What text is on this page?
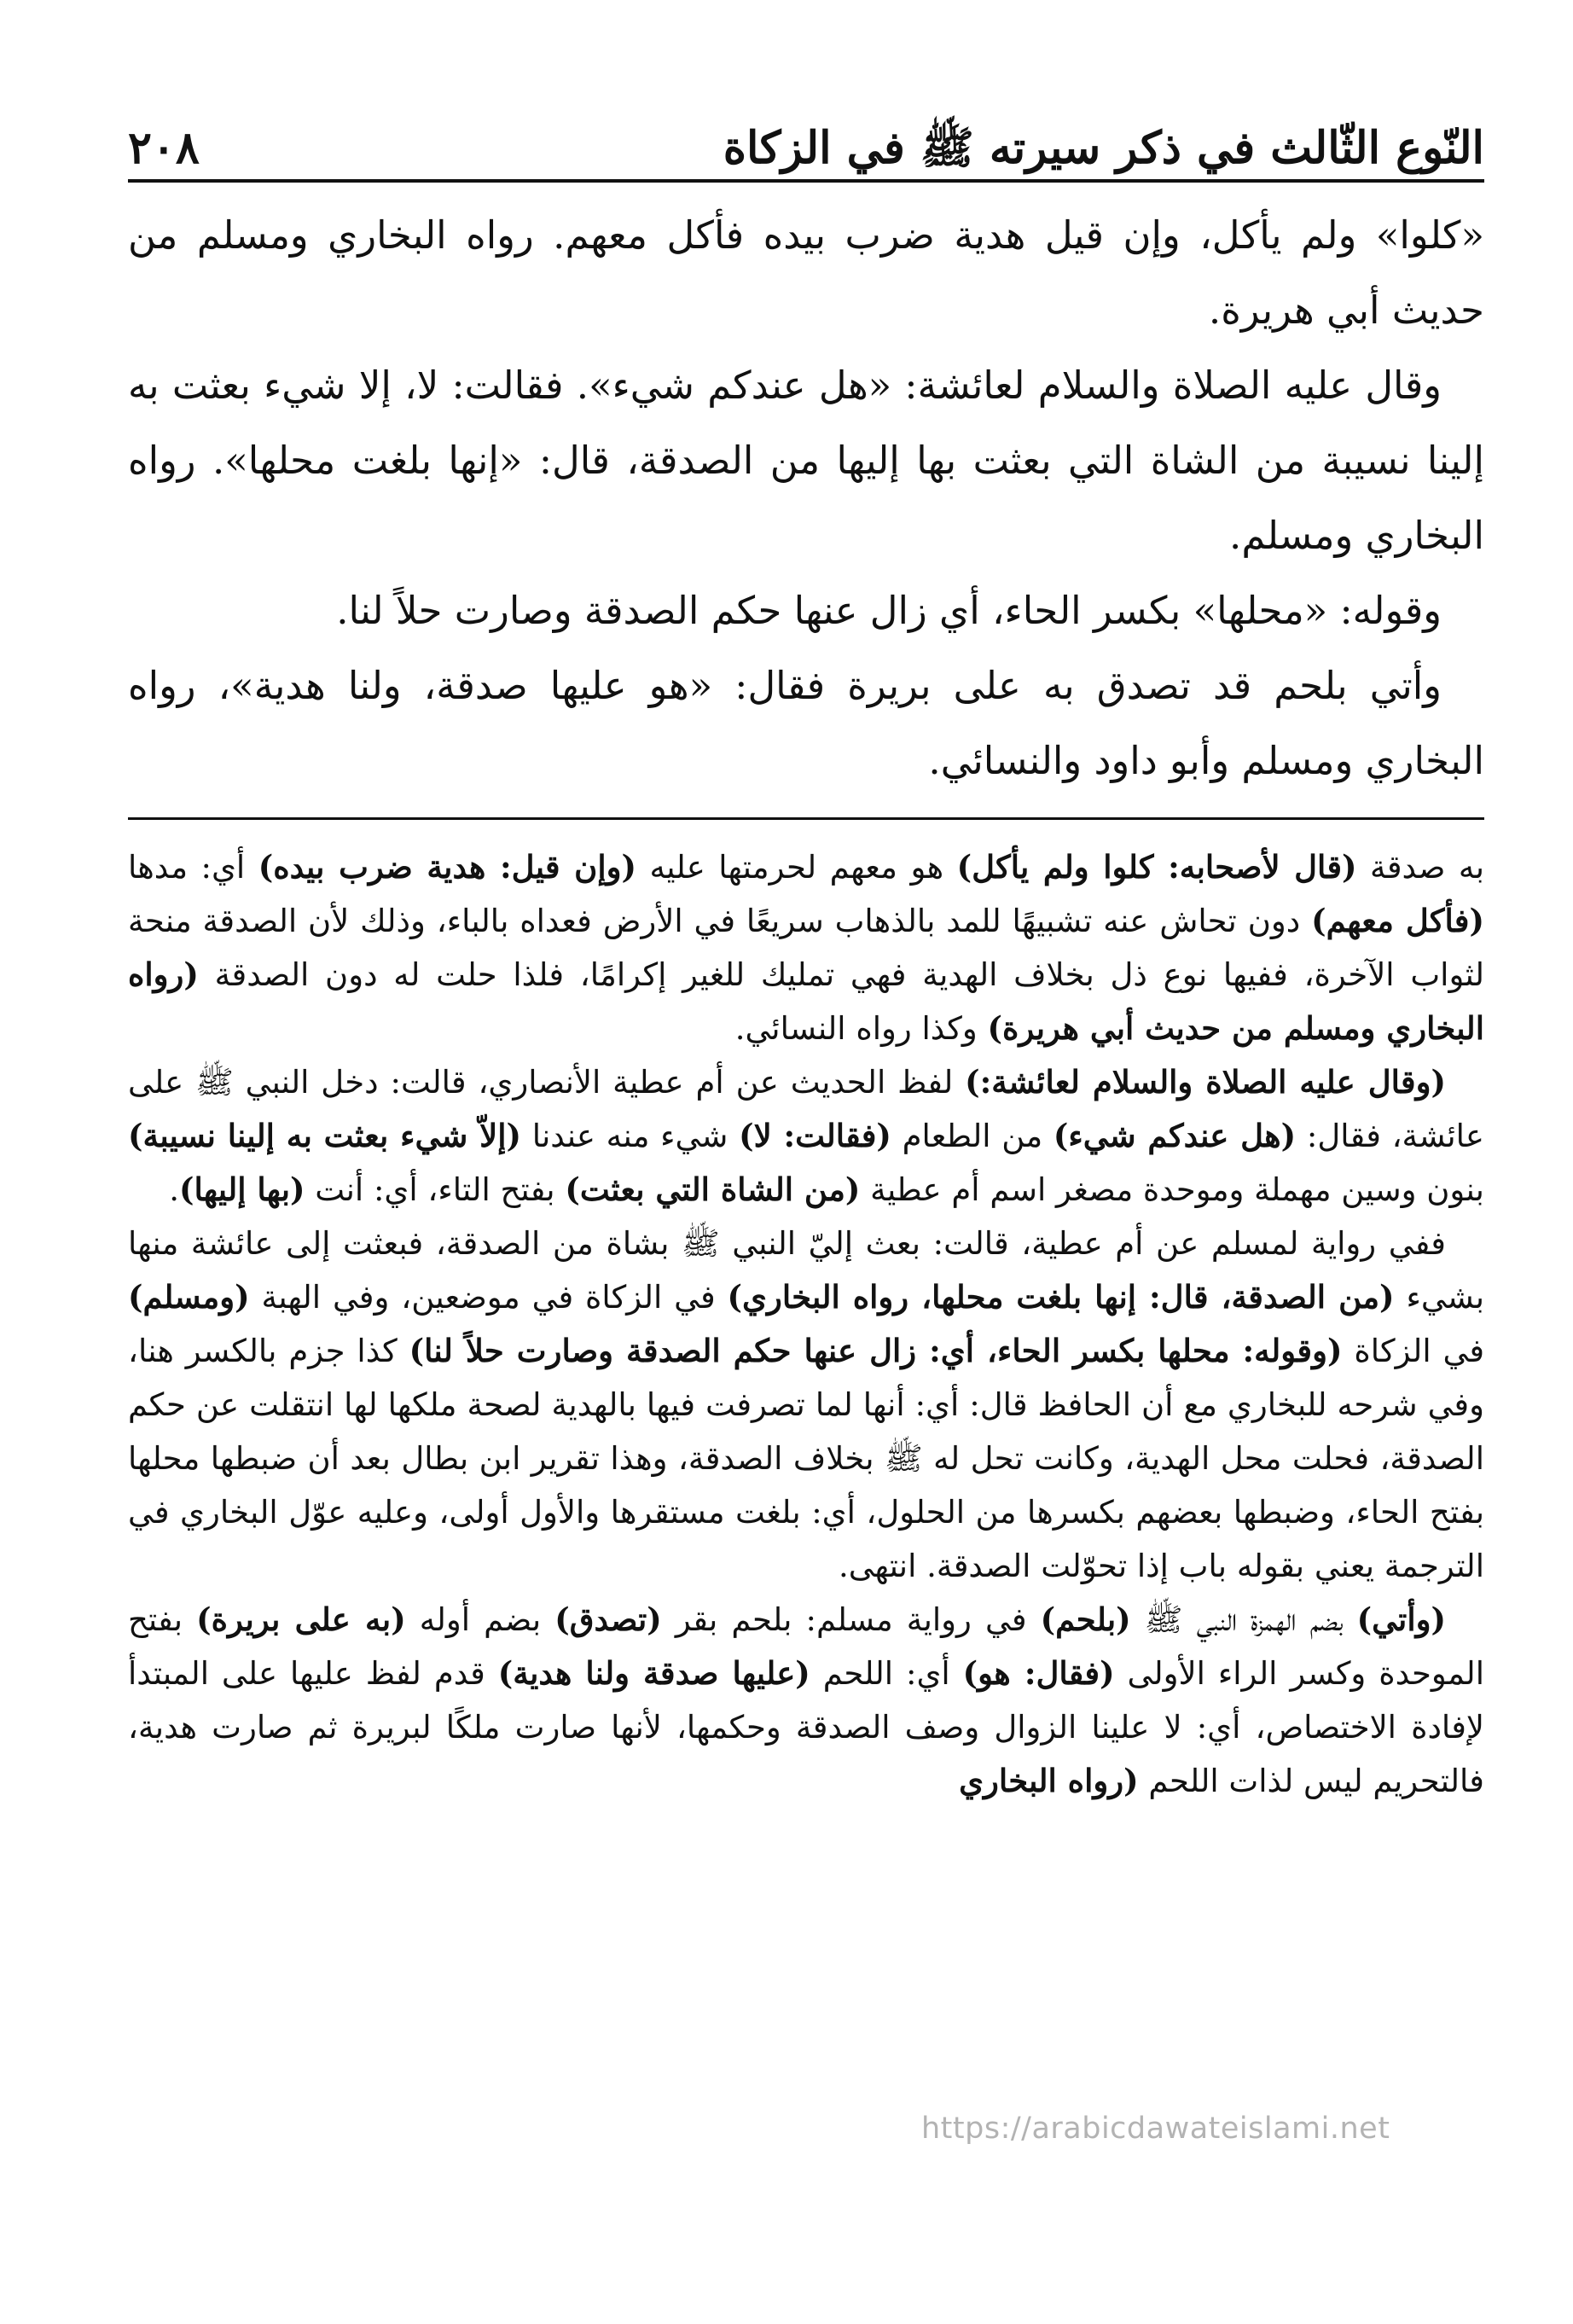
النّوع الثّالث في ذكر سيرته ﷺ في الزكاة
٢٠٨

«كلوا» ولم يأكل، وإن قيل هدية ضرب بيده فأكل معهم. رواه البخاري ومسلم من حديث أبي هريرة.

وقال عليه الصلاة والسلام لعائشة: «هل عندكم شيء». فقالت: لا، إلا شيء بعثت به إلينا نسيبة من الشاة التي بعثت بها إليها من الصدقة، قال: «إنها بلغت محلها». رواه البخاري ومسلم.

وقوله: «محلها» بكسر الحاء، أي زال عنها حكم الصدقة وصارت حلاً لنا.

وأتي بلحم قد تصدق به على بريرة فقال: «هو عليها صدقة، ولنا هدية»، رواه البخاري ومسلم وأبو داود والنسائي.

به صدقة (قال لأصحابه: كلوا ولم يأكل) هو معهم لحرمتها عليه (وإن قيل: هدية ضرب بيده) أي: مدها (فأكل معهم) دون تحاش عنه تشبيهًا للمد بالذهاب سريعًا في الأرض فعداه بالباء، وذلك لأن الصدقة منحة لثواب الآخرة، ففيها نوع ذل بخلاف الهدية فهي تمليك للغير إكرامًا، فلذا حلت له دون الصدقة (رواه البخاري ومسلم من حديث أبي هريرة) وكذا رواه النسائي.

(وقال عليه الصلاة والسلام لعائشة:) لفظ الحديث عن أم عطية الأنصاري، قالت: دخل النبي ﷺ على عائشة، فقال: (هل عندكم شيء) من الطعام (فقالت: لا) شيء منه عندنا (إلاّ شيء بعثت به إلينا نسيبة) بنون وسين مهملة وموحدة مصغر اسم أم عطية (من الشاة التي بعثت) بفتح التاء، أي: أنت (بها إليها).

ففي رواية لمسلم عن أم عطية، قالت: بعث إليّ النبي ﷺ بشاة من الصدقة، فبعثت إلى عائشة منها بشيء (من الصدقة، قال: إنها بلغت محلها، رواه البخاري) في الزكاة في موضعين، وفي الهبة (ومسلم) في الزكاة (وقوله: محلها بكسر الحاء، أي: زال عنها حكم الصدقة وصارت حلاً لنا) كذا جزم بالكسر هنا، وفي شرحه للبخاري مع أن الحافظ قال: أي: أنها لما تصرفت فيها بالهدية لصحة ملكها لها انتقلت عن حكم الصدقة، فحلت محل الهدية، وكانت تحل له ﷺ بخلاف الصدقة، وهذا تقرير ابن بطال بعد أن ضبطها محلها بفتح الحاء، وضبطها بعضهم بكسرها من الحلول، أي: بلغت مستقرها والأول أولى، وعليه عوّل البخاري في الترجمة يعني بقوله باب إذا تحوّلت الصدقة. انتهى.

(وأتي) بضم الهمزة النبي ﷺ (بلحم) في رواية مسلم: بلحم بقر (تصدق) بضم أوله (به على بريرة) بفتح الموحدة وكسر الراء الأولى (فقال: هو) أي: اللحم (عليها صدقة ولنا هدية) قدم لفظ عليها على المبتدأ لإفادة الاختصاص، أي: لا علينا الزوال وصف الصدقة وحكمها، لأنها صارت ملكًا لبريرة ثم صارت هدية، فالتحريم ليس لذات اللحم (رواه البخاري

https://arabicdawateislami.net
